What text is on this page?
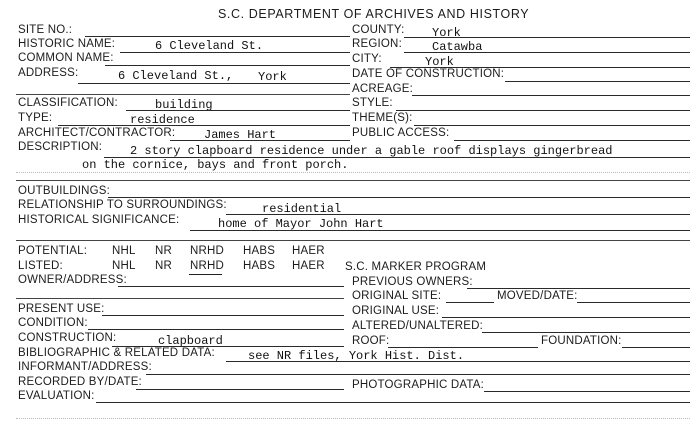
S.C. DEPARTMENT OF ARCHIVES AND HISTORY
SITE NO.:	COUNTY: York
HISTORIC NAME:	6 Cleveland St.	REGION:	Catawba
COMMON NAME:	CITY:	York
ADDRESS:	6 Cleveland St., York	DATE OF CONSTRUCTION:
ACREAGE:
CLASSIFICATION:	building	STYLE:
TYPE:	residence	THEME(S):
ARCHITECT/CONTRACTOR: James Hart	PUBLIC ACCESS:
DESCRIPTION: 2 story clapboard residence under a gable roof displays gingerbread
on the cornice, bays and front porch.
OUTBUILDINGS:
RELATIONSHIP TO SURROUNDINGS:	residential
HISTORICAL SIGNIFICANCE:	home of Mayor John Hart
POTENTIAL: NHL NR NRHD HABS HAER
LISTED:	NHL NR NRHD HABS HAER S.C. MARKER PROGRAM
OWNER/ADDRESS:	PREVIOUS OWNERS:
ORIGINAL SITE:	MOVED/DATE:
PRESENT USE:	ORIGINAL USE:
CONDITION:	ALTERED/UNALTERED:
CONSTRUCTION:	clapboard	ROOF:	FOUNDATION:
BIBLIOGRAPHIC & RELATED DATA:	see NR files, York Hist. Dist.
INFORMANT/ADDRESS:
RECORDED BY/DATE:	PHOTOGRAPHIC DATA:
EVALUATION:
